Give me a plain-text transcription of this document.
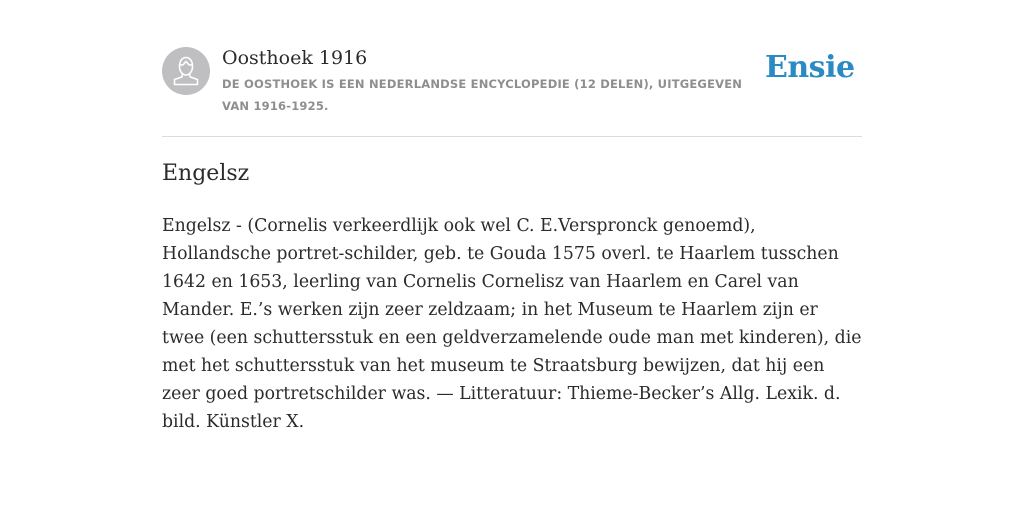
Oosthoek 1916

DE OOSTHOEK IS EEN NEDERLANDSE ENCYCLOPEDIE (12 DELEN), UITGEGEVEN VAN 1916-1925.

Ensie
Engelsz

Engelsz - (Cornelis verkeerdlijk ook wel C. E.Verspronck genoemd), Hollandsche portret-schilder, geb. te Gouda 1575 overl. te Haarlem tusschen 1642 en 1653, leerling van Cornelis Cornelisz van Haarlem en Carel van Mander. E.’s werken zijn zeer zeldzaam; in het Museum te Haarlem zijn er twee (een schuttersstuk en een geldverzamelende oude man met kinderen), die met het schuttersstuk van het museum te Straatsburg bewijzen, dat hij een zeer goed portretschilder was. — Litteratuur: Thieme-Becker’s Allg. Lexik. d. bild. Künstler X.
